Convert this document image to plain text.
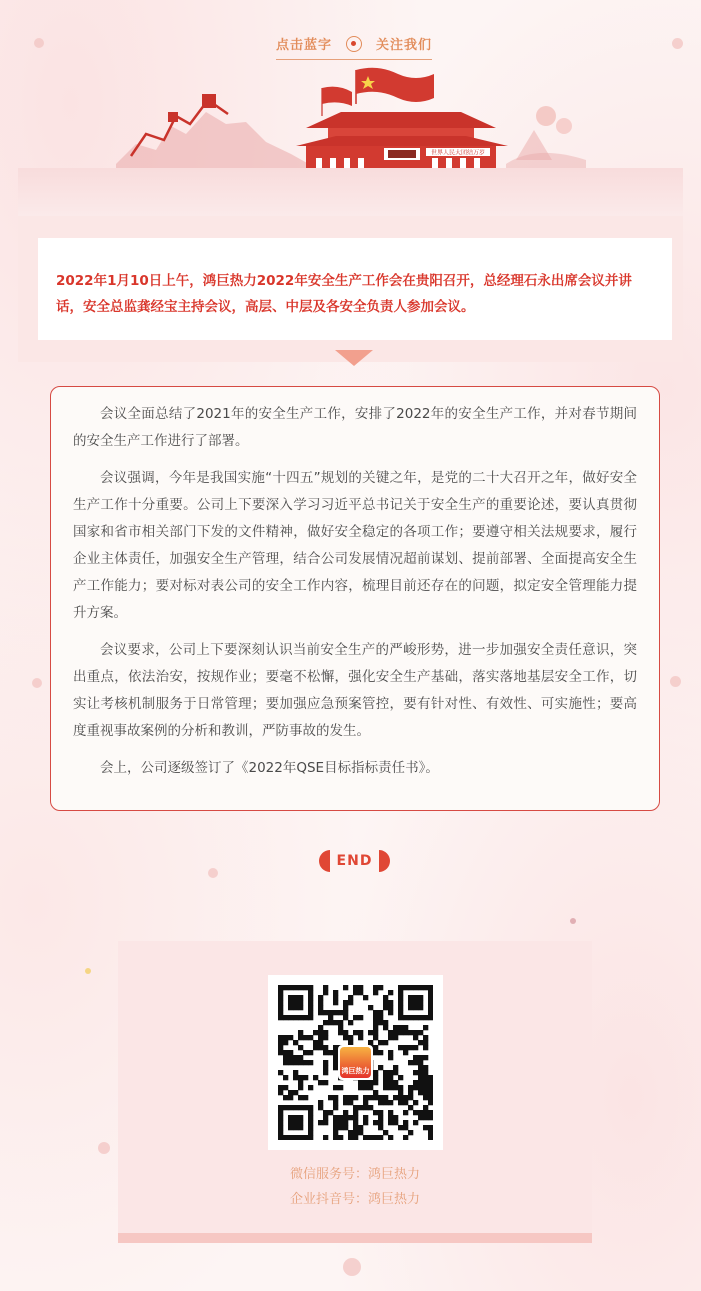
点击蓝字	关注我们
世界人民大团结万岁

2022年1月10日上午，鸿巨热力2022年安全生产工作会在贵阳召开，总经理石永出席会议并讲话，安全总监龚经宝主持会议，高层、中层及各安全负责人参加会议。

会议全面总结了2021年的安全生产工作，安排了2022年的安全生产工作，并对春节期间的安全生产工作进行了部署。

会议强调，今年是我国实施“十四五”规划的关键之年，是党的二十大召开之年，做好安全生产工作十分重要。公司上下要深入学习习近平总书记关于安全生产的重要论述，要认真贯彻国家和省市相关部门下发的文件精神，做好安全稳定的各项工作；要遵守相关法规要求，履行企业主体责任，加强安全生产管理，结合公司发展情况超前谋划、提前部署、全面提高安全生产工作能力；要对标对表公司的安全工作内容，梳理目前还存在的问题，拟定安全管理能力提升方案。

会议要求，公司上下要深刻认识当前安全生产的严峻形势，进一步加强安全责任意识，突出重点，依法治安，按规作业；要毫不松懈，强化安全生产基础，落实落地基层安全工作，切实让考核机制服务于日常管理；要加强应急预案管控，要有针对性、有效性、可实施性；要高度重视事故案例的分析和教训，严防事故的发生。

会上，公司逐级签订了《2022年QSE目标指标责任书》。

END
鸿巨热力
微信服务号：鸿巨热力
企业抖音号：鸿巨热力
